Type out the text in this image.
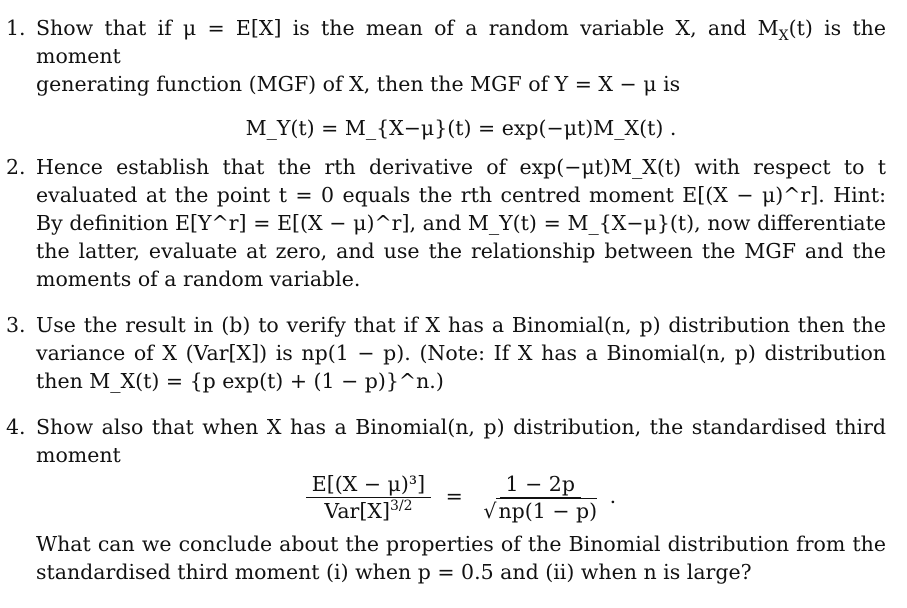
1. Show that if μ = E[X] is the mean of a random variable X, and $M_X(t)$ is the moment
generating function (MGF) of X, then the MGF of Y = X − μ is
M_Y(t) = M_{X−μ}(t) = exp(−μt)M_X(t) .
2. Hence establish that the rth derivative of exp(−μt)M_X(t) with respect to t evaluated at the point t = 0 equals the rth centred moment E[(X − μ)^r]. Hint: By definition E[Y^r] = E[(X − μ)^r], and M_Y(t) = M_{X−μ}(t), now differentiate the latter, evaluate at zero, and use the relationship between the MGF and the moments of a random variable.
3. Use the result in (b) to verify that if X has a Binomial(n, p) distribution then the variance of X (Var[X]) is np(1 − p). (Note: If X has a Binomial(n, p) distribution then M_X(t) = {p exp(t) + (1 − p)}^n.)
4. Show also that when X has a Binomial(n, p) distribution, the standardised third moment
$\frac{\text{E[(X − μ)³]}}{Var[X]^{3/2}} = \frac{1 - 2p}{√np(1 - p)}$ .
What can we conclude about the properties of the Binomial distribution from the standardised third moment (i) when p = 0.5 and (ii) when n is large?
